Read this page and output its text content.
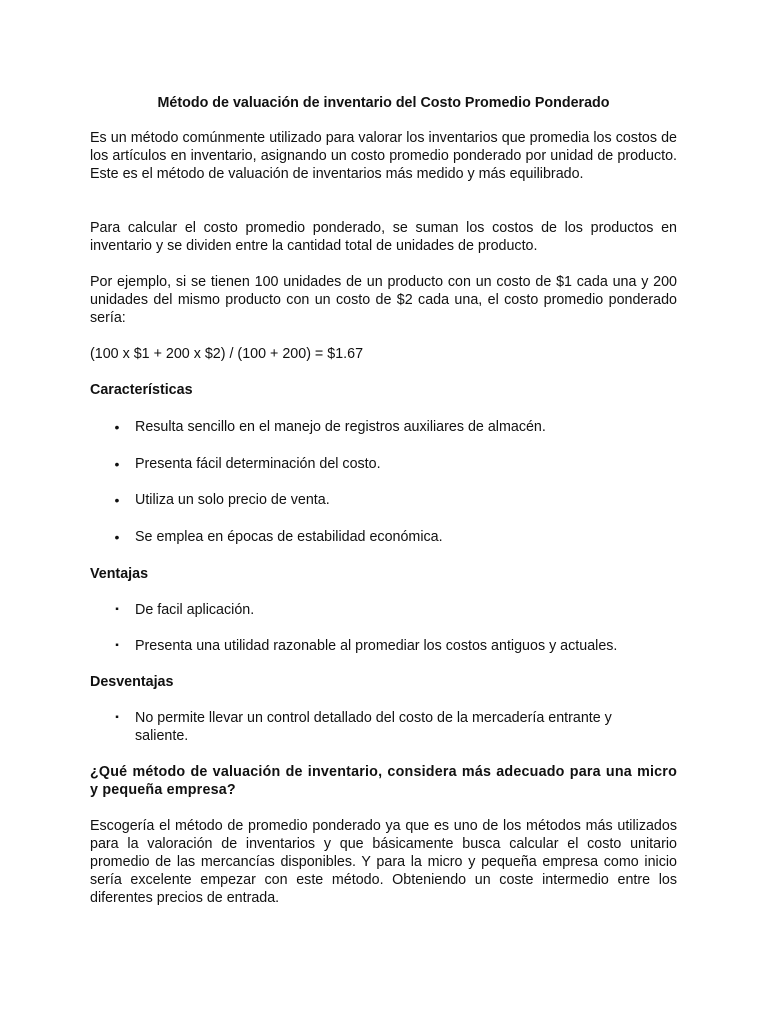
Método de valuación de inventario del Costo Promedio Ponderado

Es un método comúnmente utilizado para valorar los inventarios que promedia los costos de los artículos en inventario, asignando un costo promedio ponderado por unidad de producto. Este es el método de valuación de inventarios más medido y más equilibrado.

Para calcular el costo promedio ponderado, se suman los costos de los productos en inventario y se dividen entre la cantidad total de unidades de producto.

Por ejemplo, si se tienen 100 unidades de un producto con un costo de $1 cada una y 200 unidades del mismo producto con un costo de $2 cada una, el costo promedio ponderado sería:

(100 x $1 + 200 x $2) / (100 + 200) = $1.67

Características

• Resulta sencillo en el manejo de registros auxiliares de almacén.
• Presenta fácil determinación del costo.
• Utiliza un solo precio de venta.
• Se emplea en épocas de estabilidad económica.

Ventajas

▪ De facil aplicación.
▪ Presenta una utilidad razonable al promediar los costos antiguos y actuales.

Desventajas

▪ No permite llevar un control detallado del costo de la mercadería entrante y saliente.

¿Qué método de valuación de inventario, considera más adecuado para una micro y pequeña empresa?

Escogería el método de promedio ponderado ya que es uno de los métodos más utilizados para la valoración de inventarios y que básicamente busca calcular el costo unitario promedio de las mercancías disponibles. Y para la micro y pequeña empresa como inicio sería excelente empezar con este método. Obteniendo un coste intermedio entre los diferentes precios de entrada.
